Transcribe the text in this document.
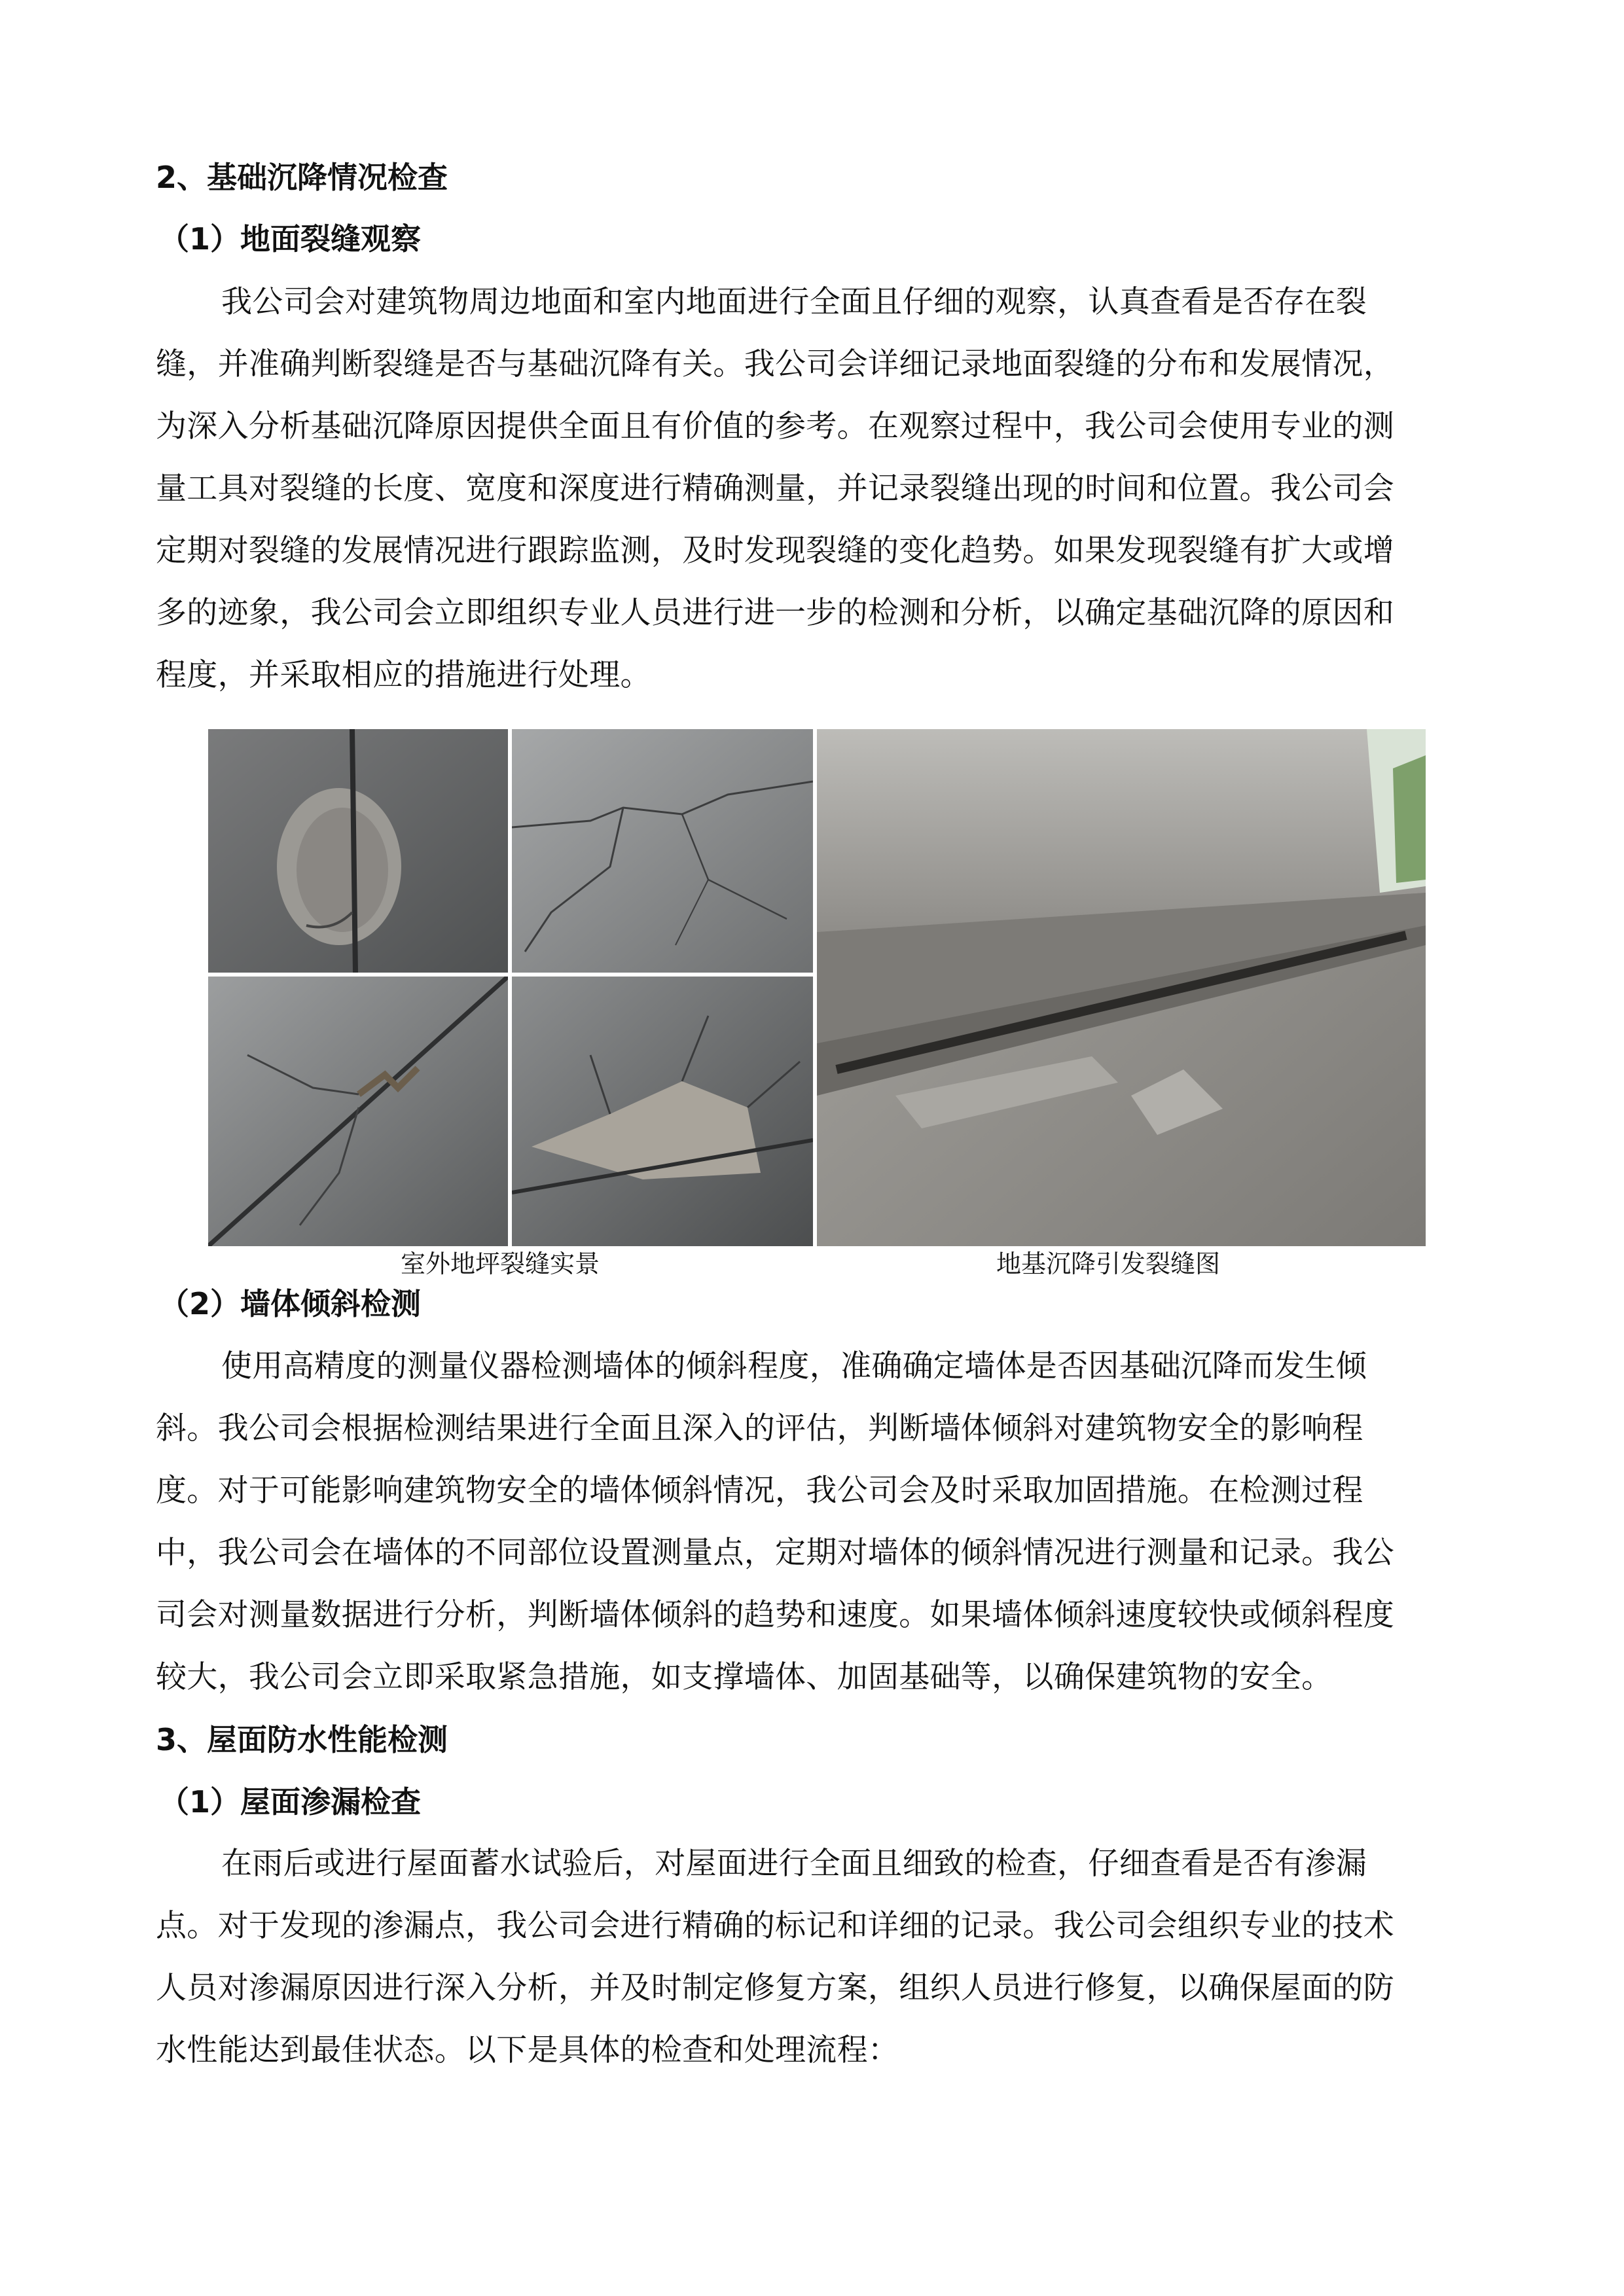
2、基础沉降情况检查
（1）地面裂缝观察
我公司会对建筑物周边地面和室内地面进行全面且仔细的观察，认真查看是否存在裂
缝，并准确判断裂缝是否与基础沉降有关。我公司会详细记录地面裂缝的分布和发展情况，
为深入分析基础沉降原因提供全面且有价值的参考。在观察过程中，我公司会使用专业的测
量工具对裂缝的长度、宽度和深度进行精确测量，并记录裂缝出现的时间和位置。我公司会
定期对裂缝的发展情况进行跟踪监测，及时发现裂缝的变化趋势。如果发现裂缝有扩大或增
多的迹象，我公司会立即组织专业人员进行进一步的检测和分析，以确定基础沉降的原因和
程度，并采取相应的措施进行处理。
室外地坪裂缝实景	地基沉降引发裂缝图
（2）墙体倾斜检测
使用高精度的测量仪器检测墙体的倾斜程度，准确确定墙体是否因基础沉降而发生倾
斜。我公司会根据检测结果进行全面且深入的评估，判断墙体倾斜对建筑物安全的影响程
度。对于可能影响建筑物安全的墙体倾斜情况，我公司会及时采取加固措施。在检测过程
中，我公司会在墙体的不同部位设置测量点，定期对墙体的倾斜情况进行测量和记录。我公
司会对测量数据进行分析，判断墙体倾斜的趋势和速度。如果墙体倾斜速度较快或倾斜程度
较大，我公司会立即采取紧急措施，如支撑墙体、加固基础等，以确保建筑物的安全。
3、屋面防水性能检测
（1）屋面渗漏检查
在雨后或进行屋面蓄水试验后，对屋面进行全面且细致的检查，仔细查看是否有渗漏
点。对于发现的渗漏点，我公司会进行精确的标记和详细的记录。我公司会组织专业的技术
人员对渗漏原因进行深入分析，并及时制定修复方案，组织人员进行修复，以确保屋面的防
水性能达到最佳状态。以下是具体的检查和处理流程：
